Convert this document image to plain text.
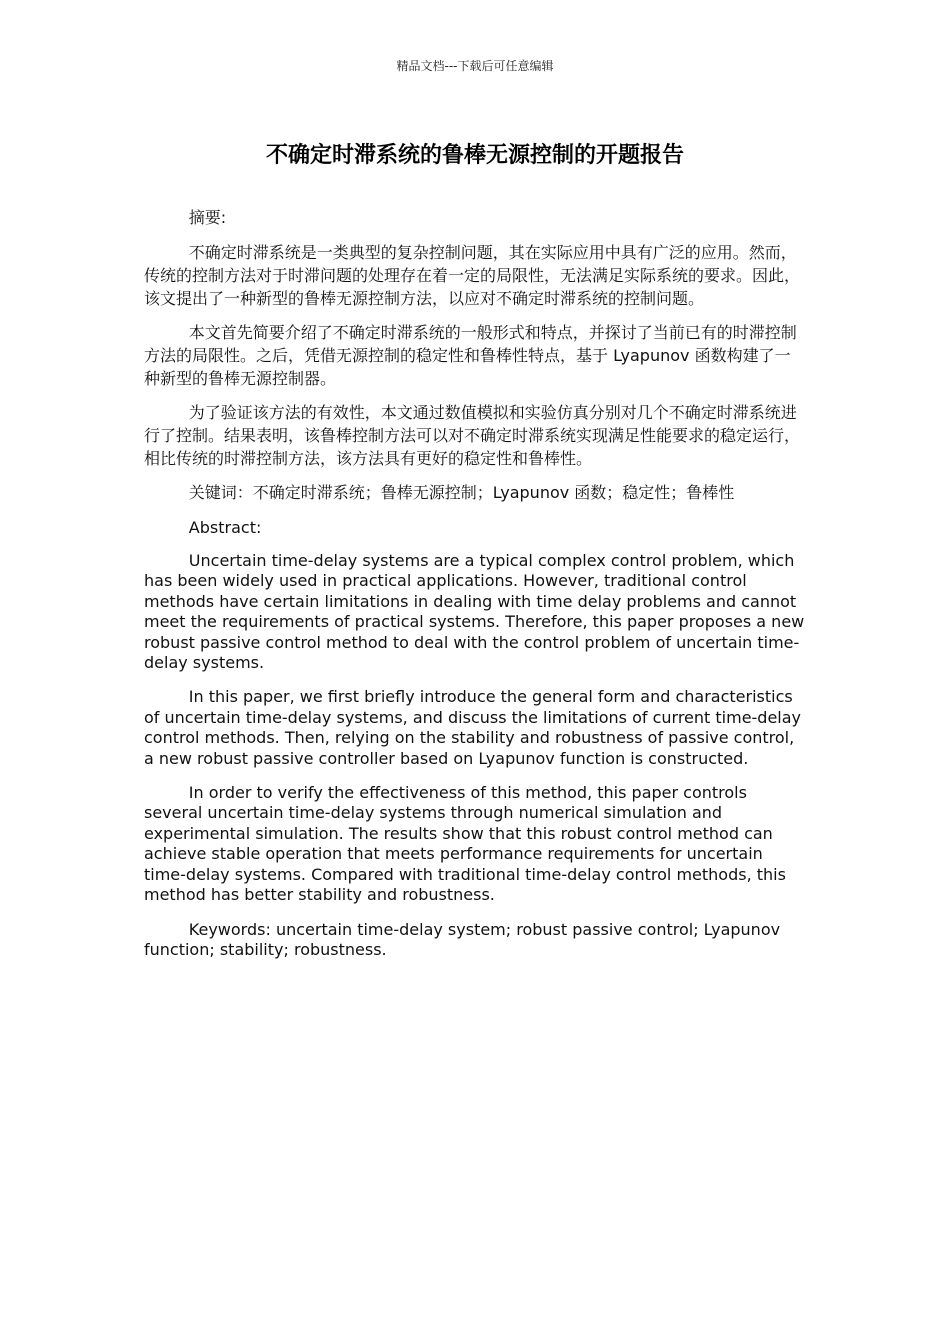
精品文档---下载后可任意编辑
不确定时滞系统的鲁棒无源控制的开题报告

摘要:

不确定时滞系统是一类典型的复杂控制问题，其在实际应用中具有广泛的应用。然而，传统的控制方法对于时滞问题的处理存在着一定的局限性，无法满足实际系统的要求。因此，该文提出了一种新型的鲁棒无源控制方法，以应对不确定时滞系统的控制问题。

本文首先简要介绍了不确定时滞系统的一般形式和特点，并探讨了当前已有的时滞控制方法的局限性。之后，凭借无源控制的稳定性和鲁棒性特点，基于 Lyapunov 函数构建了一种新型的鲁棒无源控制器。

为了验证该方法的有效性，本文通过数值模拟和实验仿真分别对几个不确定时滞系统进行了控制。结果表明，该鲁棒控制方法可以对不确定时滞系统实现满足性能要求的稳定运行，相比传统的时滞控制方法，该方法具有更好的稳定性和鲁棒性。

关键词：不确定时滞系统；鲁棒无源控制；Lyapunov 函数；稳定性；鲁棒性

Abstract:

Uncertain time-delay systems are a typical complex control problem, which has been widely used in practical applications. However, traditional control methods have certain limitations in dealing with time delay problems and cannot meet the requirements of practical systems. Therefore, this paper proposes a new robust passive control method to deal with the control problem of uncertain time-delay systems.

In this paper, we first briefly introduce the general form and characteristics of uncertain time-delay systems, and discuss the limitations of current time-delay control methods. Then, relying on the stability and robustness of passive control, a new robust passive controller based on Lyapunov function is constructed.

In order to verify the effectiveness of this method, this paper controls several uncertain time-delay systems through numerical simulation and experimental simulation. The results show that this robust control method can achieve stable operation that meets performance requirements for uncertain time-delay systems. Compared with traditional time-delay control methods, this method has better stability and robustness.

Keywords: uncertain time-delay system; robust passive control; Lyapunov function; stability; robustness.
